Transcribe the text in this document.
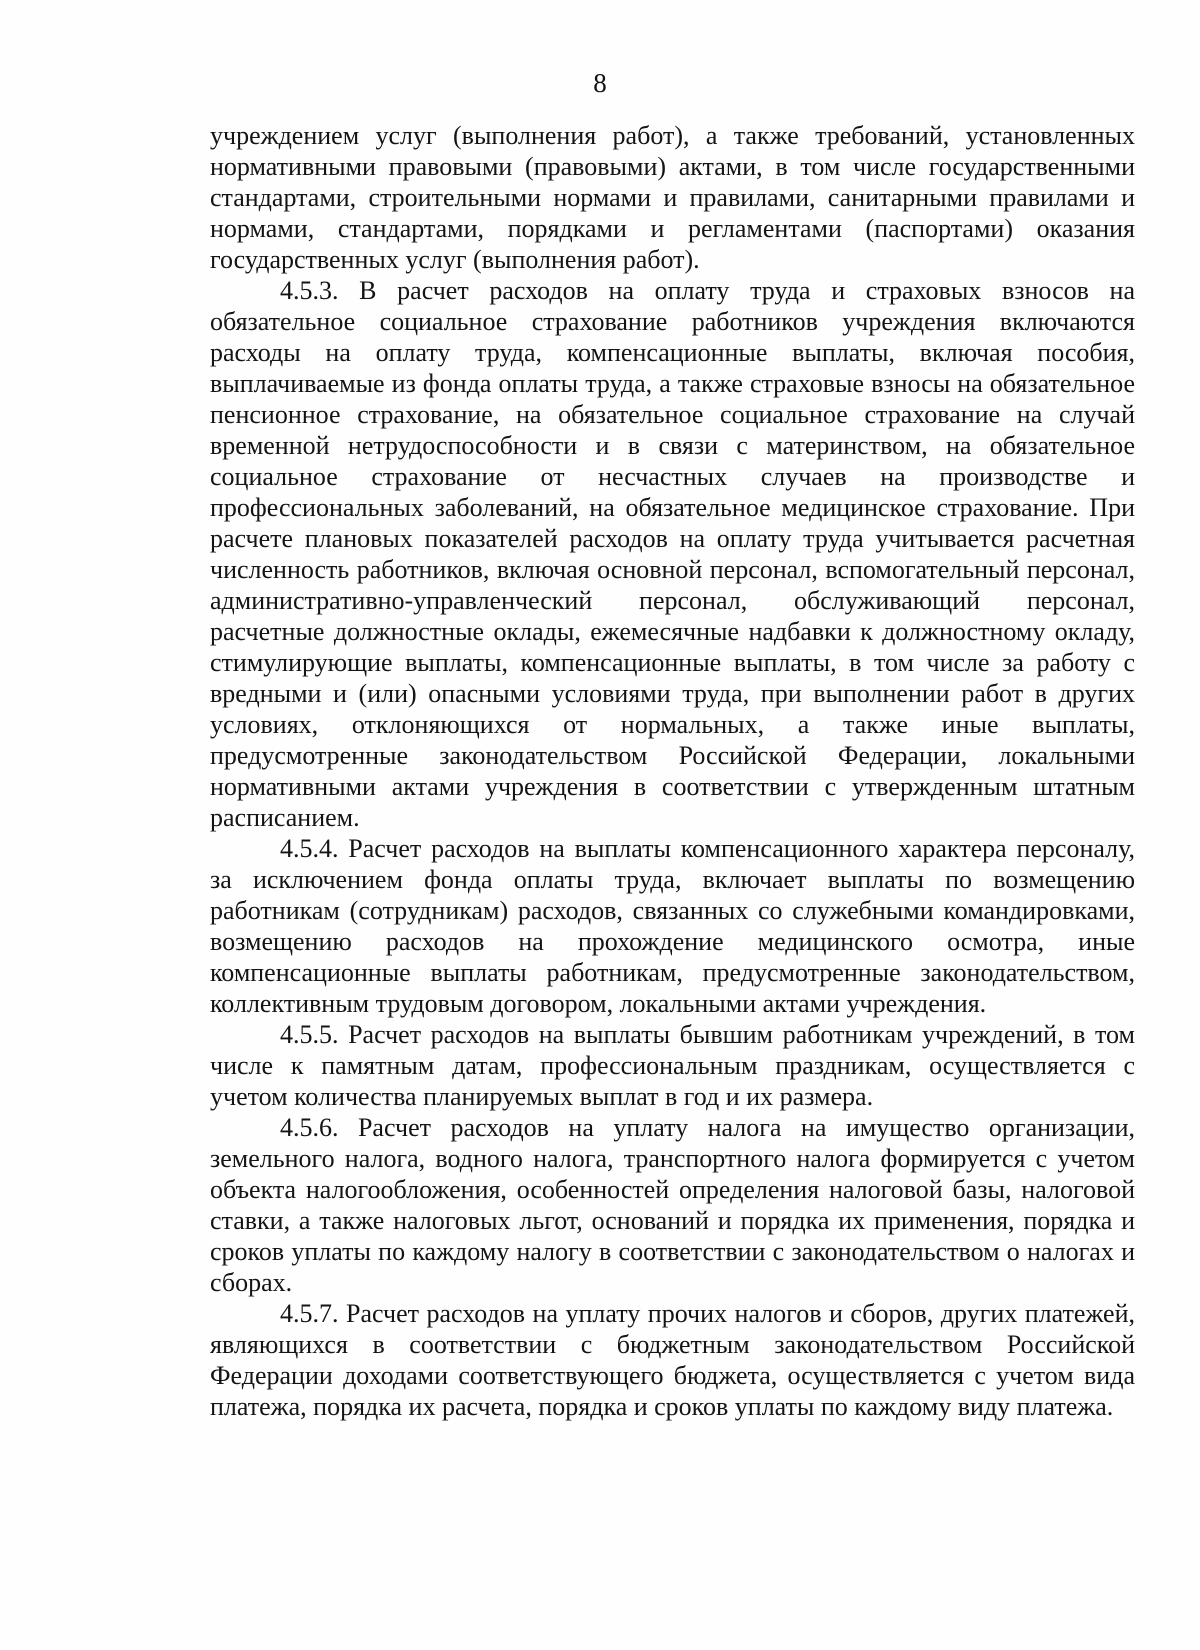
8

учреждением услуг (выполнения работ), а также требований, установленных нормативными правовыми (правовыми) актами, в том числе государственными стандартами, строительными нормами и правилами, санитарными правилами и нормами, стандартами, порядками и регламентами (паспортами) оказания государственных услуг (выполнения работ).

4.5.3. В расчет расходов на оплату труда и страховых взносов на обязательное социальное страхование работников учреждения включаются расходы на оплату труда, компенсационные выплаты, включая пособия, выплачиваемые из фонда оплаты труда, а также страховые взносы на обязательное пенсионное страхование, на обязательное социальное страхование на случай временной нетрудоспособности и в связи с материнством, на обязательное социальное страхование от несчастных случаев на производстве и профессиональных заболеваний, на обязательное медицинское страхование. При расчете плановых показателей расходов на оплату труда учитывается расчетная численность работников, включая основной персонал, вспомогательный персонал, административно-управленческий персонал, обслуживающий персонал, расчетные должностные оклады, ежемесячные надбавки к должностному окладу, стимулирующие выплаты, компенсационные выплаты, в том числе за работу с вредными и (или) опасными условиями труда, при выполнении работ в других условиях, отклоняющихся от нормальных, а также иные выплаты, предусмотренные законодательством Российской Федерации, локальными нормативными актами учреждения в соответствии с утвержденным штатным расписанием.

4.5.4. Расчет расходов на выплаты компенсационного характера персоналу, за исключением фонда оплаты труда, включает выплаты по возмещению работникам (сотрудникам) расходов, связанных со служебными командировками, возмещению расходов на прохождение медицинского осмотра, иные компенсационные выплаты работникам, предусмотренные законодательством, коллективным трудовым договором, локальными актами учреждения.

4.5.5. Расчет расходов на выплаты бывшим работникам учреждений, в том числе к памятным датам, профессиональным праздникам, осуществляется с учетом количества планируемых выплат в год и их размера.

4.5.6. Расчет расходов на уплату налога на имущество организации, земельного налога, водного налога, транспортного налога формируется с учетом объекта налогообложения, особенностей определения налоговой базы, налоговой ставки, а также налоговых льгот, оснований и порядка их применения, порядка и сроков уплаты по каждому налогу в соответствии с законодательством о налогах и сборах.

4.5.7. Расчет расходов на уплату прочих налогов и сборов, других платежей, являющихся в соответствии с бюджетным законодательством Российской Федерации доходами соответствующего бюджета, осуществляется с учетом вида платежа, порядка их расчета, порядка и сроков уплаты по каждому виду платежа.
